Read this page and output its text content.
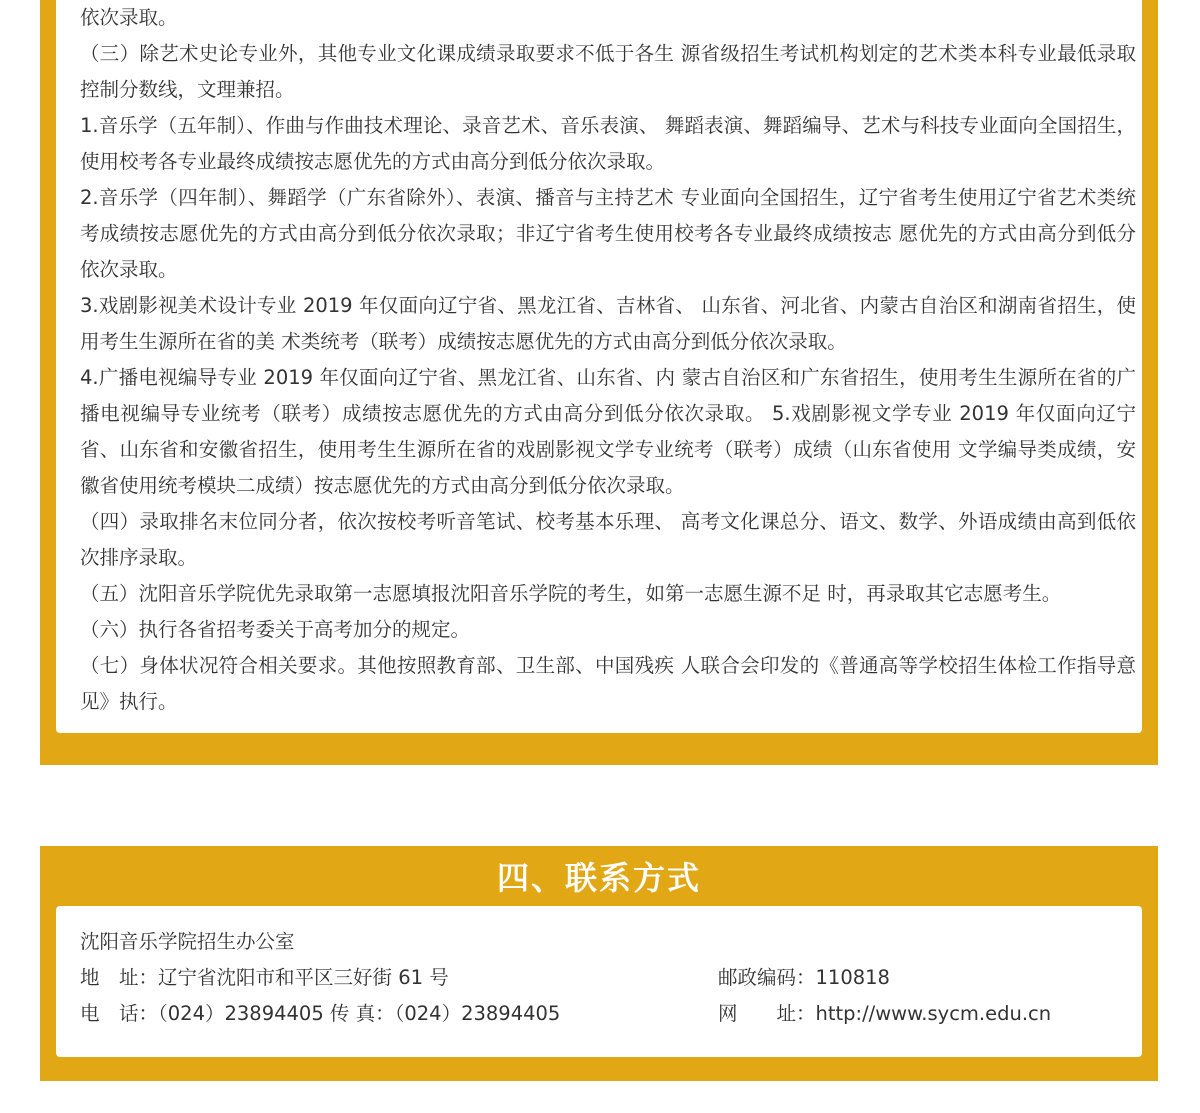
依次录取。

（三）除艺术史论专业外，其他专业文化课成绩录取要求不低于各生 源省级招生考试机构划定的艺术类本科专业最低录取控制分数线，文理兼招。

1.音乐学（五年制）、作曲与作曲技术理论、录音艺术、音乐表演、 舞蹈表演、舞蹈编导、艺术与科技专业面向全国招生，使用校考各专业最终成绩按志愿优先的方式由高分到低分依次录取。

2.音乐学（四年制）、舞蹈学（广东省除外）、表演、播音与主持艺术 专业面向全国招生，辽宁省考生使用辽宁省艺术类统考成绩按志愿优先的方式由高分到低分依次录取；非辽宁省考生使用校考各专业最终成绩按志 愿优先的方式由高分到低分依次录取。

3.戏剧影视美术设计专业 2019 年仅面向辽宁省、黑龙江省、吉林省、 山东省、河北省、内蒙古自治区和湖南省招生，使用考生生源所在省的美 术类统考（联考）成绩按志愿优先的方式由高分到低分依次录取。

4.广播电视编导专业 2019 年仅面向辽宁省、黑龙江省、山东省、内 蒙古自治区和广东省招生，使用考生生源所在省的广播电视编导专业统考（联考）成绩按志愿优先的方式由高分到低分依次录取。 5.戏剧影视文学专业 2019 年仅面向辽宁省、山东省和安徽省招生，使用考生生源所在省的戏剧影视文学专业统考（联考）成绩（山东省使用 文学编导类成绩，安徽省使用统考模块二成绩）按志愿优先的方式由高分到低分依次录取。

（四）录取排名末位同分者，依次按校考听音笔试、校考基本乐理、 高考文化课总分、语文、数学、外语成绩由高到低依次排序录取。

（五）沈阳音乐学院优先录取第一志愿填报沈阳音乐学院的考生，如第一志愿生源不足 时，再录取其它志愿考生。

（六）执行各省招考委关于高考加分的规定。

（七）身体状况符合相关要求。其他按照教育部、卫生部、中国残疾 人联合会印发的《普通高等学校招生体检工作指导意见》执行。

四、联系方式
沈阳音乐学院招生办公室
地　址：辽宁省沈阳市和平区三好街 61 号	邮政编码：110818
电　话：（024）23894405 传 真：（024）23894405	网　　址：http://www.sycm.edu.cn
